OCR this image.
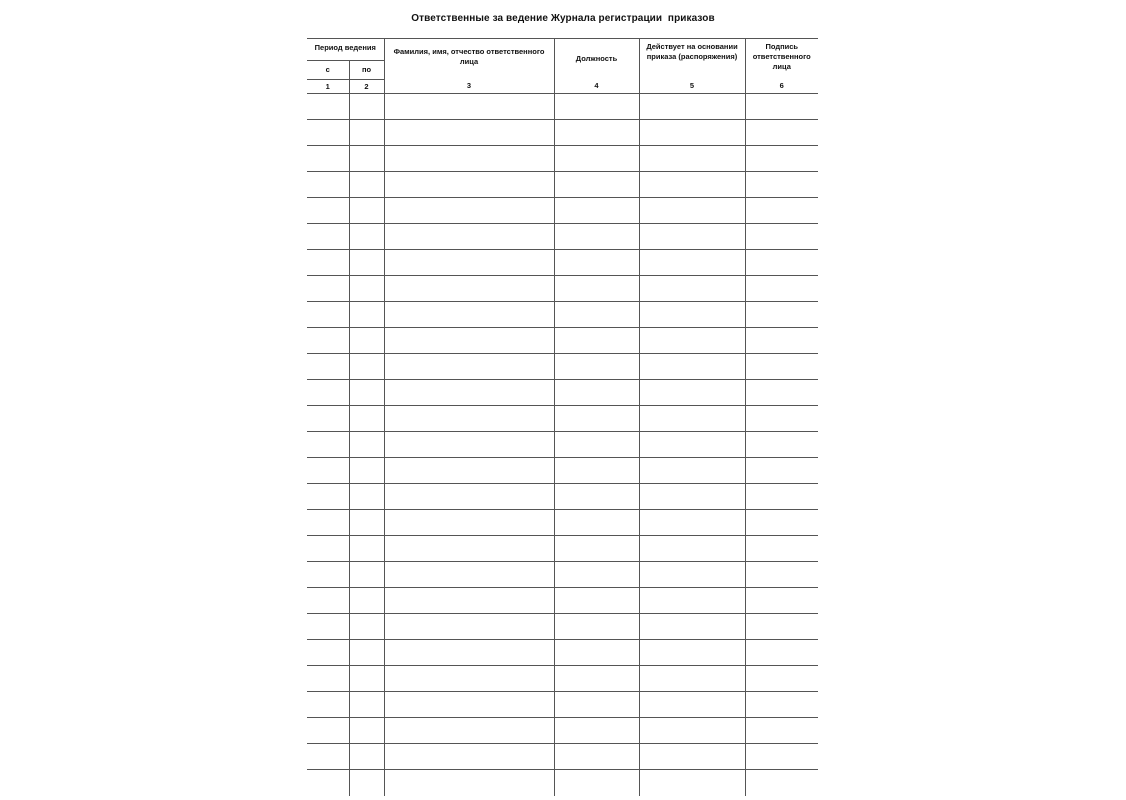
Ответственные за ведение Журнала регистрации  приказов
Период ведения		Фамилия, имя, отчество ответственного лица	Должность	Действует на основании приказа (распоряжения)	Подпись ответственного лица
с	по				
1	2	3	4	5	6
